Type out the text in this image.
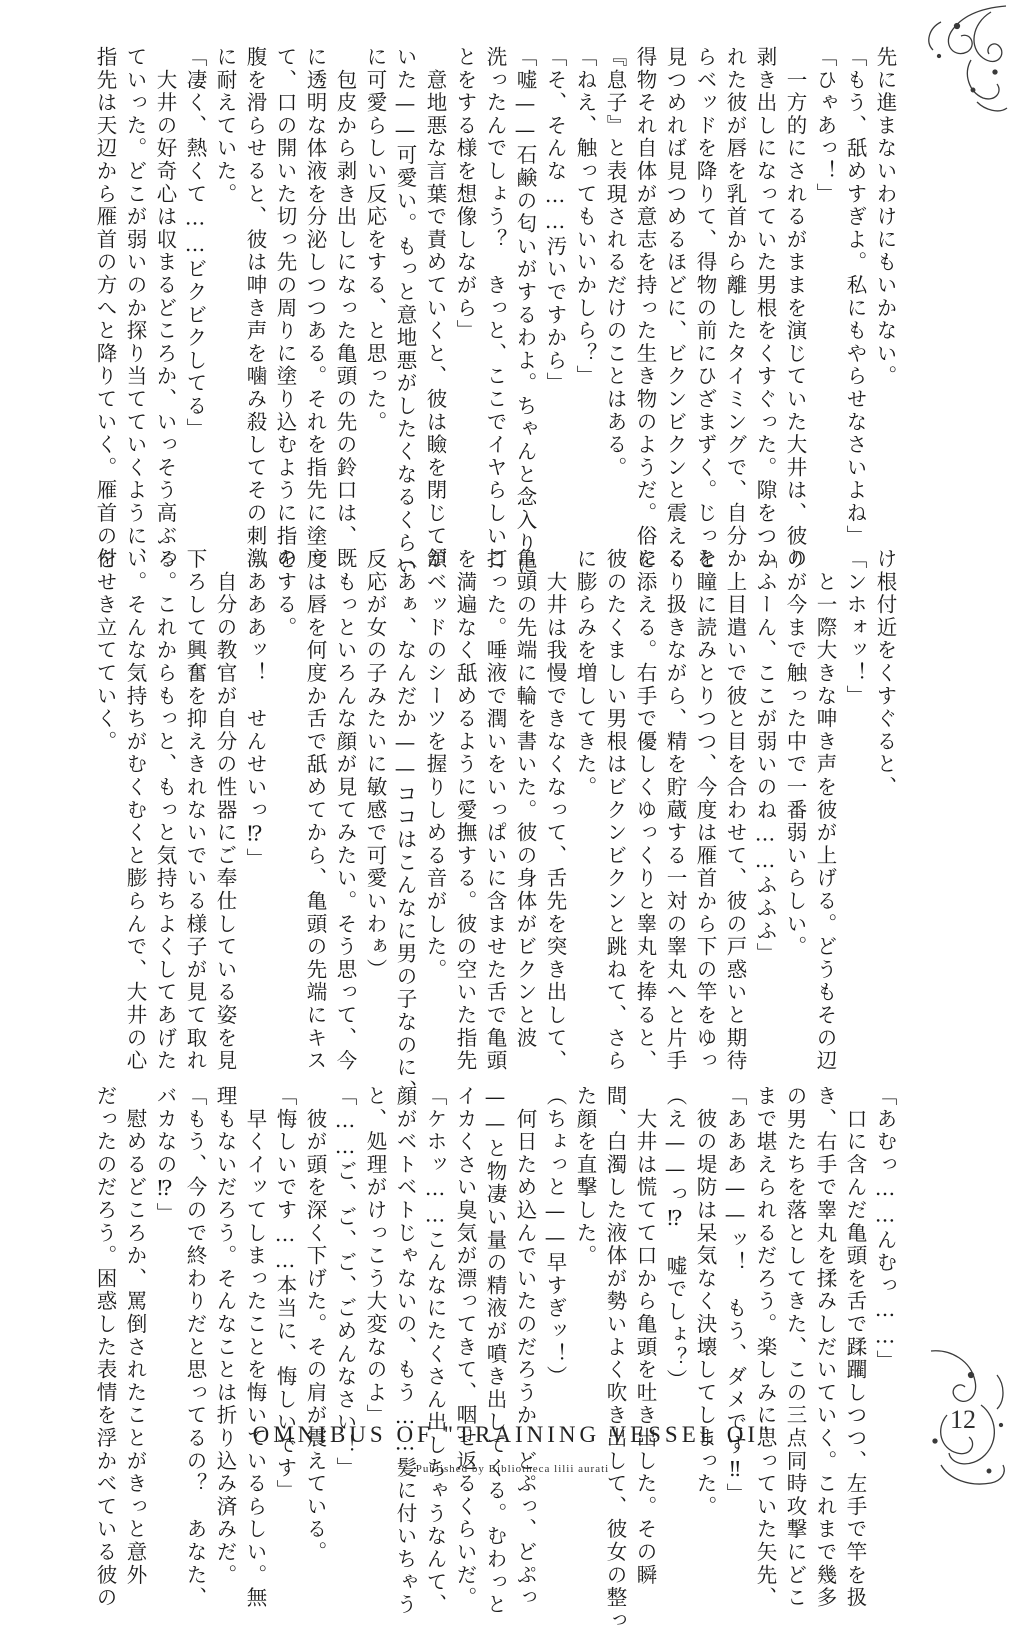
先に進まないわけにもいかない。
「もう、舐めすぎよ。私にもやらせなさいよね」
「ひゃあっ！」
　一方的にされるがままを演じていた大井は、彼の
剥き出しになっていた男根をくすぐった。隙をつか
れた彼が唇を乳首から離したタイミングで、自分か
らベッドを降りて、得物の前にひざまずく。じっと
見つめれば見つめるほどに、ビクンビクンと震える
得物それ自体が意志を持った生き物のようだ。俗に
『息子』と表現されるだけのことはある。
「ねえ、触ってもいいかしら？」
「そ、そんな……汚いですから」
「嘘——石鹸の匂いがするわよ。ちゃんと念入りに
洗ったんでしょう？　きっと、ここでイヤらしいこ
とをする様を想像しながら」
　意地悪な言葉で責めていくと、彼は瞼を閉じて頷
いた——可愛い。もっと意地悪がしたくなるくらい
に可愛らしい反応をする、と思った。
　包皮から剥き出しになった亀頭の先の鈴口は、既
に透明な体液を分泌しつつある。それを指先に塗っ
て、口の開いた切っ先の周りに塗り込むように指の
腹を滑らせると、彼は呻き声を噛み殺してその刺激
に耐えていた。
「凄く、熱くて……ビクビクしてる」
　大井の好奇心は収まるどころか、いっそう高ぶっ
ていった。どこが弱いのか探り当てていくように、
指先は天辺から雁首の方へと降りていく。雁首の付
け根付近をくすぐると、
「ンホォッ！」
　と一際大きな呻き声を彼が上げる。どうもその辺
りが今まで触った中で一番弱いらしい。
「ふーん、ここが弱いのね……ふふふ」
　上目遣いで彼と目を合わせて、彼の戸惑いと期待
を瞳に読みとりつつ、今度は雁首から下の竿をゆっ
くり扱きながら、精を貯蔵する一対の睾丸へと片手
を添える。右手で優しくゆっくりと睾丸を捧ると、
彼のたくましい男根はビクンビクンと跳ねて、さら
に膨らみを増してきた。
　大井は我慢できなくなって、舌先を突き出して、
亀頭の先端に輪を書いた。彼の身体がビクンと波
打った。唾液で潤いをいっぱいに含ませた舌で亀頭
を満遍なく舐めるように愛撫する。彼の空いた指先
がベッドのシーツを握りしめる音がした。
（あぁ、なんだか——ココはこんなに男の子なのに、
反応が女の子みたいに敏感で可愛いわぁ）
　もっといろんな顔が見てみたい。そう思って、今
度は唇を何度か舌で舐めてから、亀頭の先端にキス
をする。
「あああッ！　せんせいっ⁉」
　自分の教官が自分の性器にご奉仕している姿を見
下ろして興奮を抑えきれないでいる様子が見て取れ
る。これからもっと、もっと気持ちよくしてあげた
い。そんな気持ちがむくむくと膨らんで、大井の心
をせき立てていく。
「あむっ……んむっ……」
　口に含んだ亀頭を舌で蹂躙しつつ、左手で竿を扱
き、右手で睾丸を揉みしだいていく。これまで幾多
の男たちを落としてきた、この三点同時攻撃にどこ
まで堪えられるだろう。楽しみに思っていた矢先、
「あああ——ッ！　もう、ダメです‼」
　彼の堤防は呆気なく決壊してしまった。
（え——っ⁉　嘘でしょ？）
　大井は慌てて口から亀頭を吐き出した。その瞬
間、白濁した液体が勢いよく吹き出して、彼女の整っ
た顔を直撃した。
（ちょっと——早すぎッ！）
　何日ため込んでいたのだろうか、どぷっ、どぷっ
——と物凄い量の精液が噴き出してくる。むわっと
イカくさい臭気が漂ってきて、咽せ返るくらいだ。
「ケホッ……こんなにたくさん出しちゃうなんて、
顔がベトベトじゃないの、もう……髪に付いちゃう
と、処理がけっこう大変なのよ」
「……ご、ご、ご、ごめんなさい！」
　彼が頭を深く下げた。その肩が震えている。
「悔しいです……本当に、悔しいです」
　早くイッてしまったことを悔いているらしい。無
理もないだろう。そんなことは折り込み済みだ。
「もう、今ので終わりだと思ってるの？　あなた、
バカなの⁉」
　慰めるどころか、罵倒されたことがきっと意外
だったのだろう。困惑した表情を浮かべている彼の	12
OMNIBUS OF "TRAINING VESSEL OI"
Published by Bibliotheca lilii aurati
